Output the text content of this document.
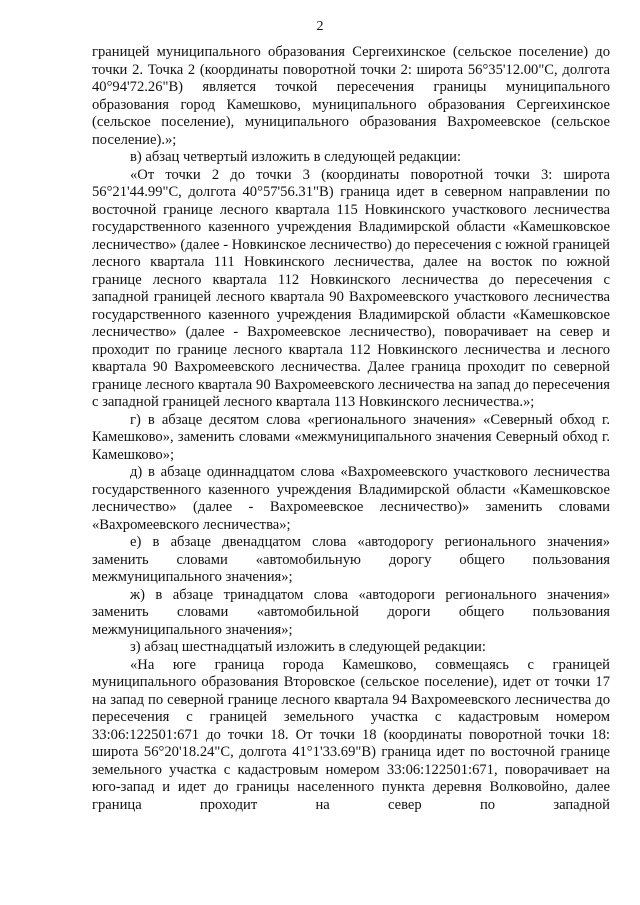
2

границей муниципального образования Сергеихинское (сельское поселение) до точки 2. Точка 2 (координаты поворотной точки 2: широта 56°35'12.00"С, долгота 40°94'72.26"В) является точкой пересечения границы муниципального образования город Камешково, муниципального образования Сергеихинское (сельское поселение), муниципального образования Вахромеевское (сельское поселение).»;

в) абзац четвертый изложить в следующей редакции:

«От точки 2 до точки 3 (координаты поворотной точки 3: широта 56°21'44.99"С, долгота 40°57'56.31"В) граница идет в северном направлении по восточной границе лесного квартала 115 Новкинского участкового лесничества государственного казенного учреждения Владимирской области «Камешковское лесничество» (далее - Новкинское лесничество) до пересечения с южной границей лесного квартала 111 Новкинского лесничества, далее на восток по южной границе лесного квартала 112 Новкинского лесничества до пересечения с западной границей лесного квартала 90 Вахромеевского участкового лесничества государственного казенного учреждения Владимирской области «Камешковское лесничество» (далее - Вахромеевское лесничество), поворачивает на север и проходит по границе лесного квартала 112 Новкинского лесничества и лесного квартала 90 Вахромеевского лесничества. Далее граница проходит по северной границе лесного квартала 90 Вахромеевского лесничества на запад до пересечения с западной границей лесного квартала 113 Новкинского лесничества.»;

г) в абзаце десятом слова «регионального значения» «Северный обход г. Камешково», заменить словами «межмуниципального значения Северный обход г. Камешково»;

д) в абзаце одиннадцатом слова «Вахромеевского участкового лесничества государственного казенного учреждения Владимирской области «Камешковское лесничество» (далее - Вахромеевское лесничество)» заменить словами «Вахромеевского лесничества»;

е) в абзаце двенадцатом слова «автодорогу регионального значения» заменить словами «автомобильную дорогу общего пользования межмуниципального значения»;

ж) в абзаце тринадцатом слова «автодороги регионального значения» заменить словами «автомобильной дороги общего пользования межмуниципального значения»;

з) абзац шестнадцатый изложить в следующей редакции:

«На юге граница города Камешково, совмещаясь с границей муниципального образования Второвское (сельское поселение), идет от точки 17 на запад по северной границе лесного квартала 94 Вахромеевского лесничества до пересечения с границей земельного участка с кадастровым номером 33:06:122501:671 до точки 18. От точки 18 (координаты поворотной точки 18: широта 56°20'18.24"С, долгота 41°1'33.69"В) граница идет по восточной границе земельного участка с кадастровым номером 33:06:122501:671, поворачивает на юго-запад и идет до границы населенного пункта деревня Волковойно, далее граница проходит на север по западной
